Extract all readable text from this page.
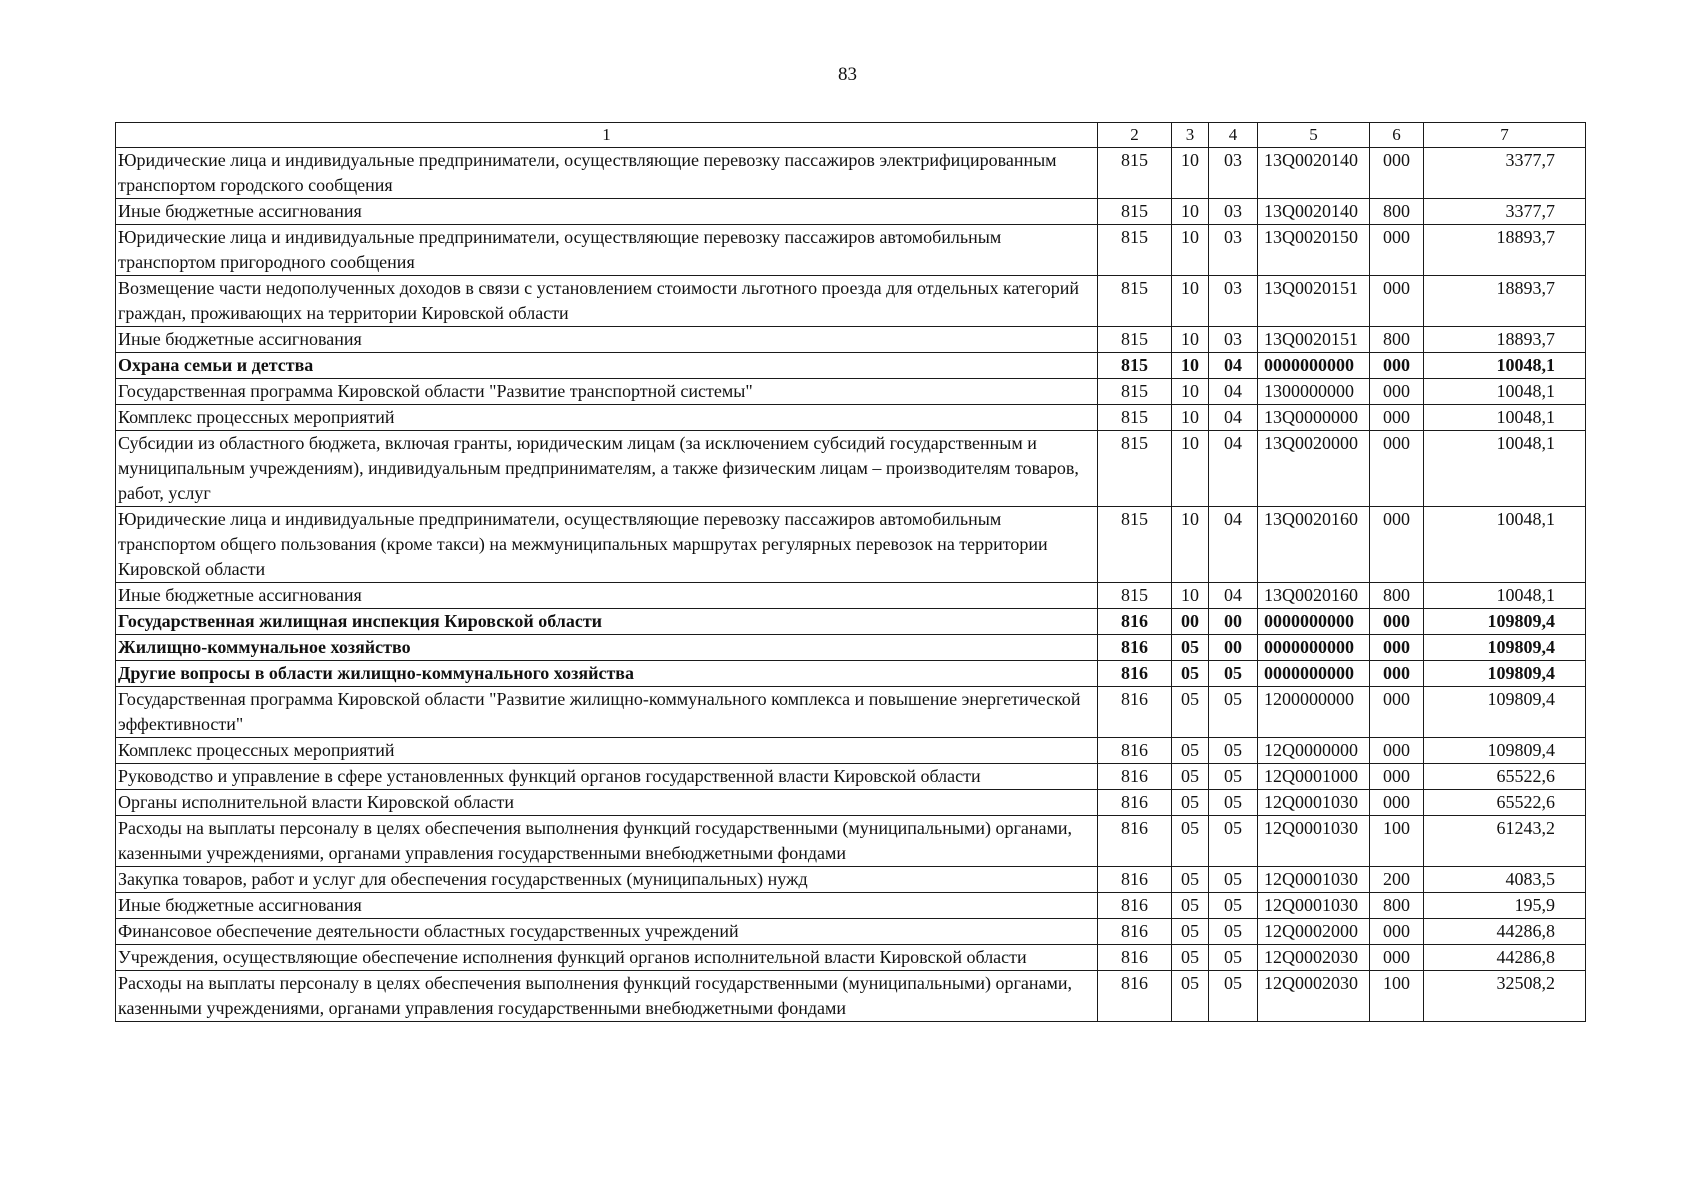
83
1	2	3	4	5	6	7
Юридические лица и индивидуальные предприниматели, осуществляющие перевозку пассажиров электрифицированным транспортом городского сообщения	815	10	03	13Q0020140	000	3377,7
Иные бюджетные ассигнования	815	10	03	13Q0020140	800	3377,7
Юридические лица и индивидуальные предприниматели, осуществляющие перевозку пассажиров автомобильным транспортом пригородного сообщения	815	10	03	13Q0020150	000	18893,7
Возмещение части недополученных доходов в связи с установлением стоимости льготного проезда для отдельных категорий граждан, проживающих на территории Кировской области	815	10	03	13Q0020151	000	18893,7
Иные бюджетные ассигнования	815	10	03	13Q0020151	800	18893,7
Охрана семьи и детства	815	10	04	0000000000	000	10048,1
Государственная программа Кировской области "Развитие транспортной системы"	815	10	04	1300000000	000	10048,1
Комплекс процессных мероприятий	815	10	04	13Q0000000	000	10048,1
Субсидии из областного бюджета, включая гранты, юридическим лицам (за исключением субсидий государственным и муниципальным учреждениям), индивидуальным предпринимателям, а также физическим лицам – производителям товаров, работ, услуг	815	10	04	13Q0020000	000	10048,1
Юридические лица и индивидуальные предприниматели, осуществляющие перевозку пассажиров автомобильным транспортом общего пользования (кроме такси) на межмуниципальных маршрутах регулярных перевозок на территории Кировской области	815	10	04	13Q0020160	000	10048,1
Иные бюджетные ассигнования	815	10	04	13Q0020160	800	10048,1
Государственная жилищная инспекция Кировской области	816	00	00	0000000000	000	109809,4
Жилищно-коммунальное хозяйство	816	05	00	0000000000	000	109809,4
Другие вопросы в области жилищно-коммунального хозяйства	816	05	05	0000000000	000	109809,4
Государственная программа Кировской области "Развитие жилищно-коммунального комплекса и повышение энергетической эффективности"	816	05	05	1200000000	000	109809,4
Комплекс процессных мероприятий	816	05	05	12Q0000000	000	109809,4
Руководство и управление в сфере установленных функций органов государственной власти Кировской области	816	05	05	12Q0001000	000	65522,6
Органы исполнительной власти Кировской области	816	05	05	12Q0001030	000	65522,6
Расходы на выплаты персоналу в целях обеспечения выполнения функций государственными (муниципальными) органами, казенными учреждениями, органами управления государственными внебюджетными фондами	816	05	05	12Q0001030	100	61243,2
Закупка товаров, работ и услуг для обеспечения государственных (муниципальных) нужд	816	05	05	12Q0001030	200	4083,5
Иные бюджетные ассигнования	816	05	05	12Q0001030	800	195,9
Финансовое обеспечение деятельности областных государственных учреждений	816	05	05	12Q0002000	000	44286,8
Учреждения, осуществляющие обеспечение исполнения функций органов исполнительной власти Кировской области	816	05	05	12Q0002030	000	44286,8
Расходы на выплаты персоналу в целях обеспечения выполнения функций государственными (муниципальными) органами, казенными учреждениями, органами управления государственными внебюджетными фондами	816	05	05	12Q0002030	100	32508,2
